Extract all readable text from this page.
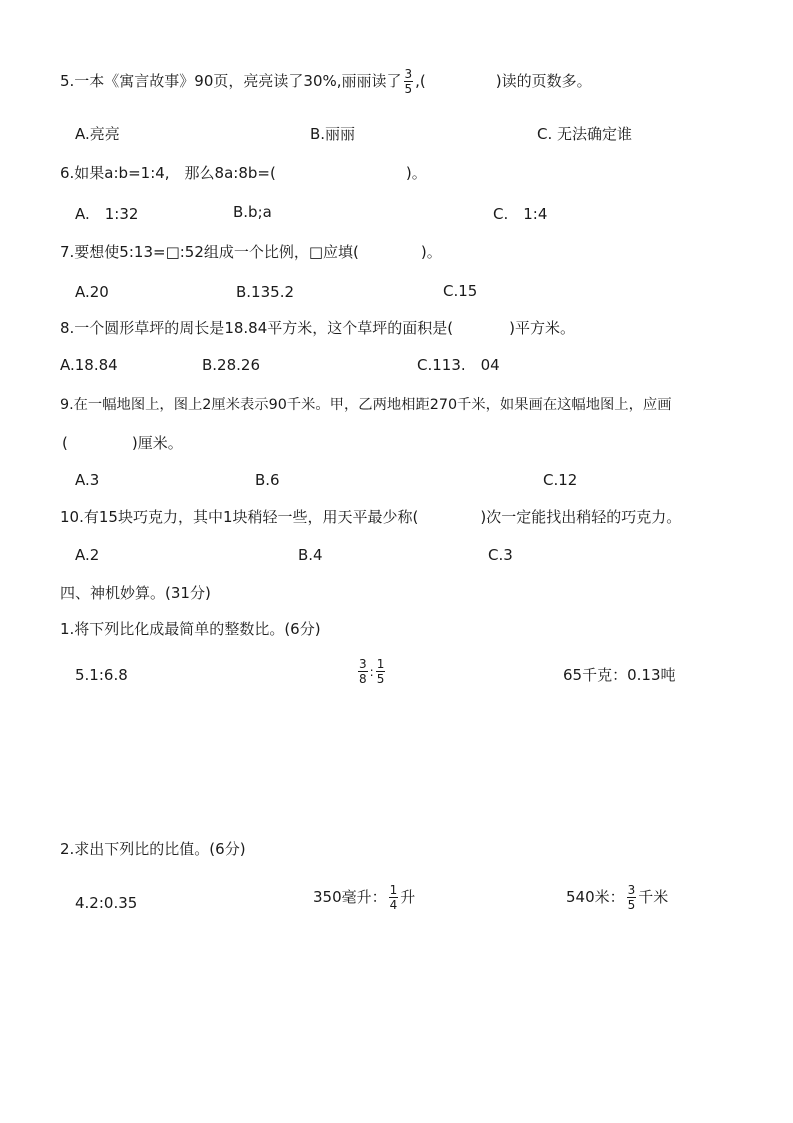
5.一本《寓言故事》90页，亮亮读了30%,丽丽读了 $\frac{3}{5}$ ,(	)读的页数多。
A.亮亮	B.丽丽	C. 无法确定谁
6.如果a:b=1:4,　那么8a:8b=(	)。
A.　1:32	B.b;a	C.　1:4
7.要想使5:13=□:52组成一个比例，□应填(	)。
A.20	B.135.2	C.15
8.一个圆形草坪的周长是18.84平方米，这个草坪的面积是(	)平方米。
A.18.84	B.28.26	C.113.　04
9.在一幅地图上，图上2厘米表示90千米。甲，乙两地相距270千米，如果画在这幅地图上，应画
(	)厘米。
A.3	B.6	C.12
10.有15块巧克力，其中1块稍轻一些，用天平最少称(	)次一定能找出稍轻的巧克力。
A.2	B.4	C.3
四、神机妙算。(31分)
1.将下列比化成最简单的整数比。(6分)
5.1:6.8	$\frac{3}{8}$ : $\frac{1}{5}$	65千克：0.13吨
2.求出下列比的比值。(6分)
4.2:0.35	350毫升： $\frac{1}{4}$ 升	540米： $\frac{3}{5}$ 千米
